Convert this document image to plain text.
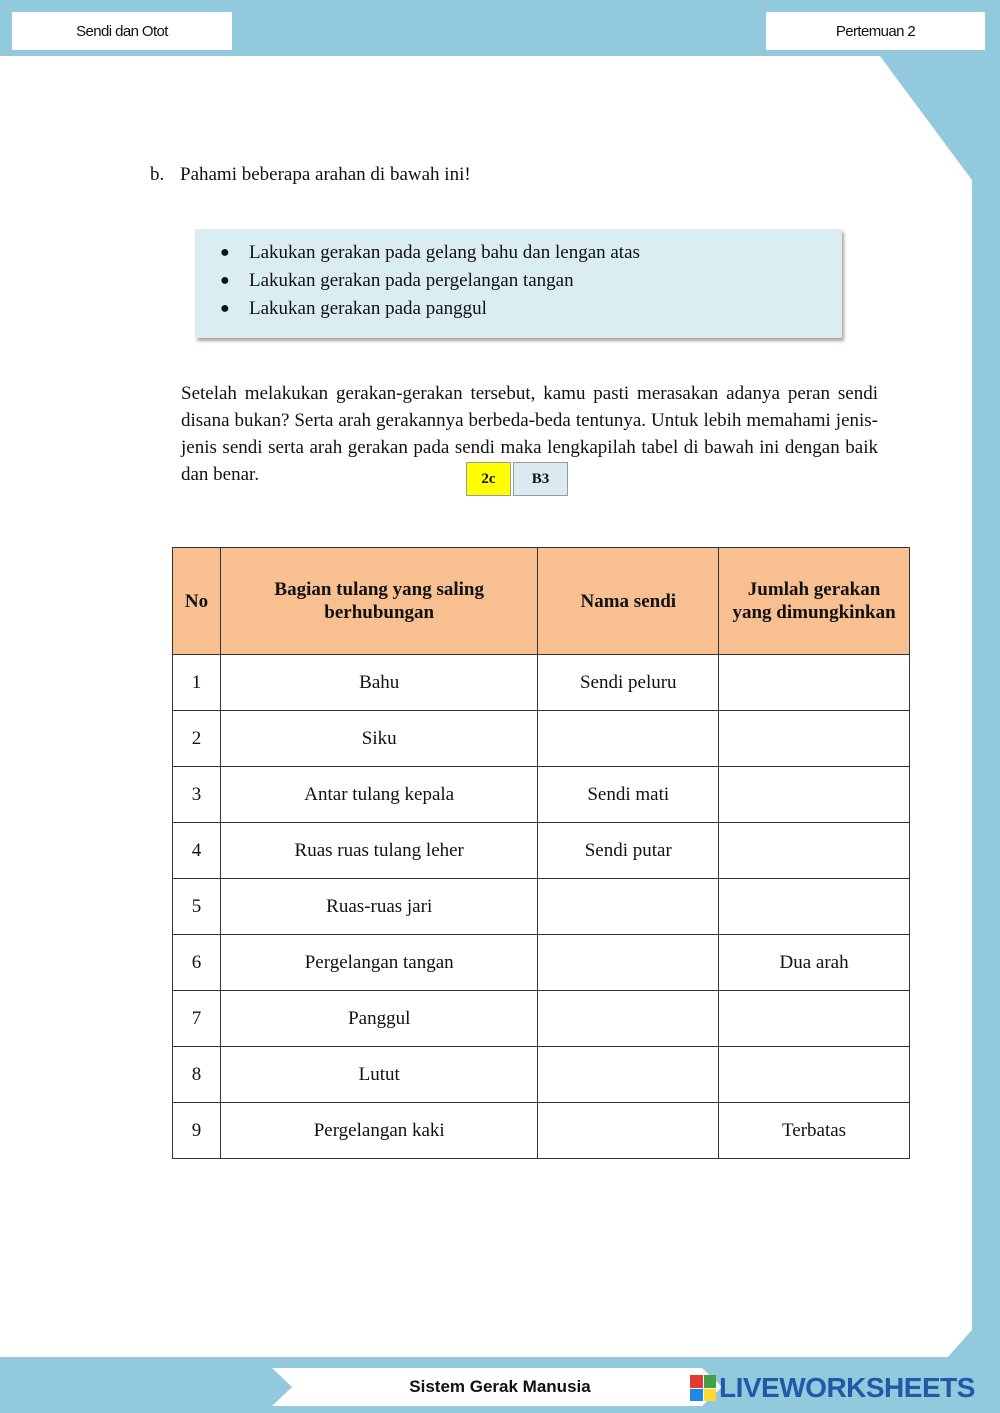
Sendi dan Otot	Pertemuan 2
b. Pahami beberapa arahan di bawah ini!
●	Lakukan gerakan pada gelang bahu dan lengan atas
●	Lakukan gerakan pada pergelangan tangan
●	Lakukan gerakan pada panggul
Setelah melakukan gerakan-gerakan tersebut, kamu pasti merasakan adanya peran sendi disana bukan? Serta arah gerakannya berbeda-beda tentunya. Untuk lebih memahami jenis-jenis sendi serta arah gerakan pada sendi maka lengkapilah tabel di bawah ini dengan baik dan benar.	2c	B3
No	Bagian tulang yang saling berhubungan	Nama sendi	Jumlah gerakan yang dimungkinkan
1	Bahu	Sendi peluru	
2	Siku		
3	Antar tulang kepala	Sendi mati	
4	Ruas ruas tulang leher	Sendi putar	
5	Ruas-ruas jari		
6	Pergelangan tangan		Dua arah
7	Panggul		
8	Lutut		
9	Pergelangan kaki		Terbatas
Sistem Gerak Manusia	LIVEWORKSHEETS
